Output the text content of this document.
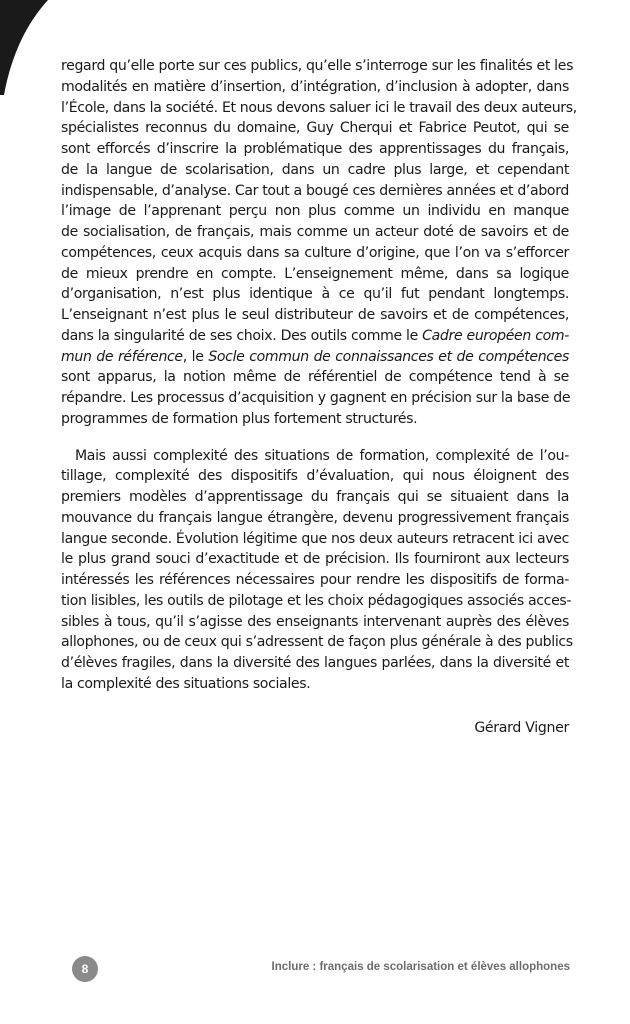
regard qu’elle porte sur ces publics, qu’elle s’interroge sur les finalités et les
modalités en matière d’insertion, d’intégration, d’inclusion à adopter, dans
l’École, dans la société. Et nous devons saluer ici le travail des deux auteurs,
spécialistes reconnus du domaine, Guy Cherqui et Fabrice Peutot, qui se
sont efforcés d’inscrire la problématique des apprentissages du français,
de la langue de scolarisation, dans un cadre plus large, et cependant
indispensable, d’analyse. Car tout a bougé ces dernières années et d’abord
l’image de l’apprenant perçu non plus comme un individu en manque
de socialisation, de français, mais comme un acteur doté de savoirs et de
compétences, ceux acquis dans sa culture d’origine, que l’on va s’efforcer
de mieux prendre en compte. L’enseignement même, dans sa logique
d’organisation, n’est plus identique à ce qu’il fut pendant longtemps.
L’enseignant n’est plus le seul distributeur de savoirs et de compétences,
dans la singularité de ses choix. Des outils comme le Cadre européen com-
mun de référence, le Socle commun de connaissances et de compétences
sont apparus, la notion même de référentiel de compétence tend à se
répandre. Les processus d’acquisition y gagnent en précision sur la base de
programmes de formation plus fortement structurés.
Mais aussi complexité des situations de formation, complexité de l’ou-
tillage, complexité des dispositifs d’évaluation, qui nous éloignent des
premiers modèles d’apprentissage du français qui se situaient dans la
mouvance du français langue étrangère, devenu progressivement français
langue seconde. Évolution légitime que nos deux auteurs retracent ici avec
le plus grand souci d’exactitude et de précision. Ils fourniront aux lecteurs
intéressés les références nécessaires pour rendre les dispositifs de forma-
tion lisibles, les outils de pilotage et les choix pédagogiques associés acces-
sibles à tous, qu’il s’agisse des enseignants intervenant auprès des élèves
allophones, ou de ceux qui s’adressent de façon plus générale à des publics
d’élèves fragiles, dans la diversité des langues parlées, dans la diversité et
la complexité des situations sociales.
Gérard Vigner
8	Inclure : français de scolarisation et élèves allophones
